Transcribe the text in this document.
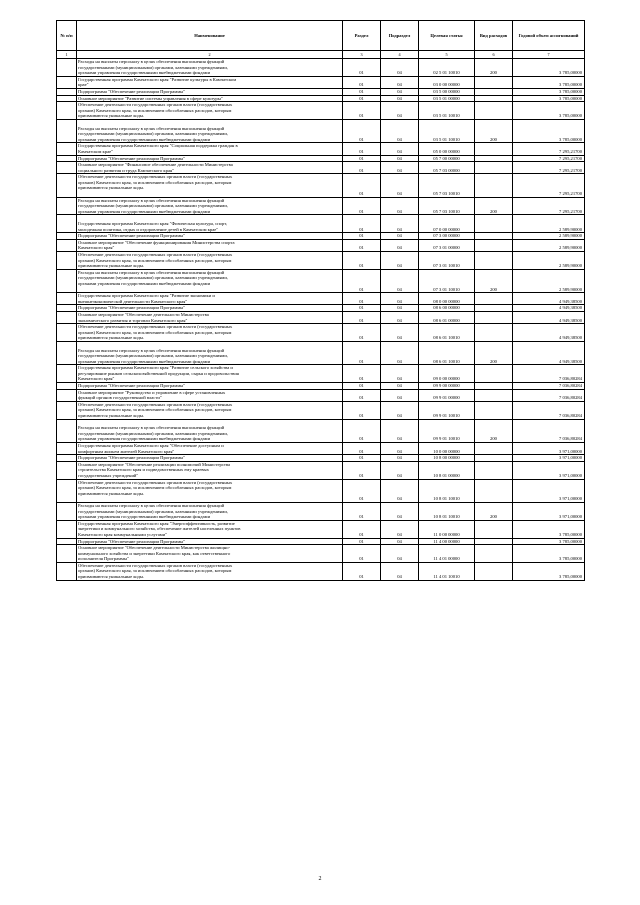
№ п/п	Наименование	Раздел	Подраздел	Целевая статья	Вид расходов	Годовой объем ассигнований
1	2	3	4	5	6	7

	Расходы на выплаты персоналу в целях обеспечения выполнения функций
государственными (муниципальными) органами, казенными учреждениями,
органами управления государственными внебюджетными фондами	01	04	02 5 01 10010	200	3 785,00000

	Государственная программа Камчатского края "Развитие культуры в Камчатском
крае"	01	04	03 0 00 00000		3 785,00000

	Подпрограмма "Обеспечение реализации Программы"	01	04	03 5 00 00000		3 785,00000

	Основное мероприятие "Развитие системы управления в сфере культуры"	01	04	03 5 01 00000		3 785,00000

	Обеспечение деятельности государственных органов власти (государственных
органов) Камчатского края, за исключением обособленных расходов, которым
присваиваются уникальные коды.	01	04	03 5 01 10010		3 785,00000

	Расходы на выплаты персоналу в целях обеспечения выполнения функций
государственными (муниципальными) органами, казенными учреждениями,
органами управления государственными внебюджетными фондами	01	04	03 5 01 10010	200	3 785,00000

	Государственная программа Камчатского края "Социальная поддержка граждан в
Камчатском крае"	01	04	05 0 00 00000		7 295,21700

	Подпрограмма "Обеспечение реализации Программы"	01	04	05 7 00 00000		7 295,21700

	Основное мероприятие "Финансовое обеспечение деятельности Министерства
социального развития и труда Камчатского края"	01	04	05 7 03 00000		7 295,21700

	Обеспечение деятельности государственных органов власти (государственных
органов) Камчатского края, за исключением обособленных расходов, которым
присваиваются уникальные коды.	01	04	05 7 03 10010		7 295,21700

	Расходы на выплаты персоналу в целях обеспечения выполнения функций
государственными (муниципальными) органами, казенными учреждениями,
органами управления государственными внебюджетными фондами	01	04	05 7 03 10010	200	7 295,21700

	Государственная программа Камчатского края "Физическая культура, спорт,
молодежная политика, отдых и оздоровление детей в Камчатском крае"	01	04	07 0 00 00000		2 589,90000

	Подпрограмма "Обеспечение реализации Программы"	01	04	07 3 00 00000		2 589,90000

	Основное мероприятие "Обеспечение функционирования Министерства спорта
Камчатского края"	01	04	07 3 01 00000		2 589,90000

	Обеспечение деятельности государственных органов власти (государственных
органов) Камчатского края, за исключением обособленных расходов, которым
присваиваются уникальные коды.	01	04	07 3 01 10010		2 589,90000

	Расходы на выплаты персоналу в целях обеспечения выполнения функций
государственными (муниципальными) органами, казенными учреждениями,
органами управления государственными внебюджетными фондами	01	04	07 3 01 10010	200	2 589,90000

	Государственная программа Камчатского края "Развитие экономики и
внешнеэкономической деятельности Камчатского края"	01	04	08 0 00 00000		4 949,38500

	Подпрограмма "Обеспечение реализации Программы"	01	04	08 6 00 00000		4 949,38500

	Основное мероприятие "Обеспечение деятельности Министерства
экономического развития и торговли Камчатского края"	01	04	08 6 01 00000		4 949,38500

	Обеспечение деятельности государственных органов власти (государственных
органов) Камчатского края, за исключением обособленных расходов, которым
присваиваются уникальные коды.	01	04	08 6 01 10010		4 949,38500

	Расходы на выплаты персоналу в целях обеспечения выполнения функций
государственными (муниципальными) органами, казенными учреждениями,
органами управления государственными внебюджетными фондами	01	04	08 6 01 10010	200	4 949,38500

	Государственная программа Камчатского края "Развитие сельского хозяйства и
регулирование рынков сельскохозяйственной продукции, сырья и продовольствия
Камчатского края"	01	04	09 0 00 00000		7 036,80284

	Подпрограмма "Обеспечение реализации Программы"	01	04	09 9 00 00000		7 036,80284

	Основное мероприятие "Руководство и управление в сфере установленных
функций органов государственной власти"	01	04	09 9 01 00000		7 036,80284

	Обеспечение деятельности государственных органов власти (государственных
органов) Камчатского края, за исключением обособленных расходов, которым
присваиваются уникальные коды.	01	04	09 9 01 10010		7 036,80284

	Расходы на выплаты персоналу в целях обеспечения выполнения функций
государственными (муниципальными) органами, казенными учреждениями,
органами управления государственными внебюджетными фондами	01	04	09 9 01 10010	200	7 036,80284

	Государственная программа Камчатского края "Обеспечение доступным и
комфортным жильем жителей Камчатского края"	01	04	10 0 00 00000		3 971,00000

	Подпрограмма "Обеспечение реализации Программы"	01	04	10 8 00 00000		3 971,00000

	Основное мероприятие "Обеспечение реализации полномочий Министерства
строительства Камчатского края и подведомственных ему краевых
государственных учреждений"	01	04	10 8 01 00000		3 971,00000

	Обеспечение деятельности государственных органов власти (государственных
органов) Камчатского края, за исключением обособленных расходов, которым
присваиваются уникальные коды.	01	04	10 8 01 10010		3 971,00000

	Расходы на выплаты персоналу в целях обеспечения выполнения функций
государственными (муниципальными) органами, казенными учреждениями,
органами управления государственными внебюджетными фондами	01	04	10 8 01 10010	200	3 971,00000

	Государственная программа Камчатского края "Энергоэффективность, развитие
энергетики и коммунального хозяйства, обеспечение жителей населенных пунктов
Камчатского края коммунальными услугами"	01	04	11 0 00 00000		3 785,00000

	Подпрограмма "Обеспечение реализации Программы"	01	04	11 4 00 00000		3 785,00000

	Основное мероприятие "Обеспечение деятельности Министерства жилищно-
коммунального хозяйства и энергетики Камчатского края, как ответственного
исполнителя Программы"	01	04	11 4 01 00000		3 785,00000

	Обеспечение деятельности государственных органов власти (государственных
органов) Камчатского края, за исключением обособленных расходов, которым
присваиваются уникальные коды.	01	04	11 4 01 10010		3 785,00000
2
